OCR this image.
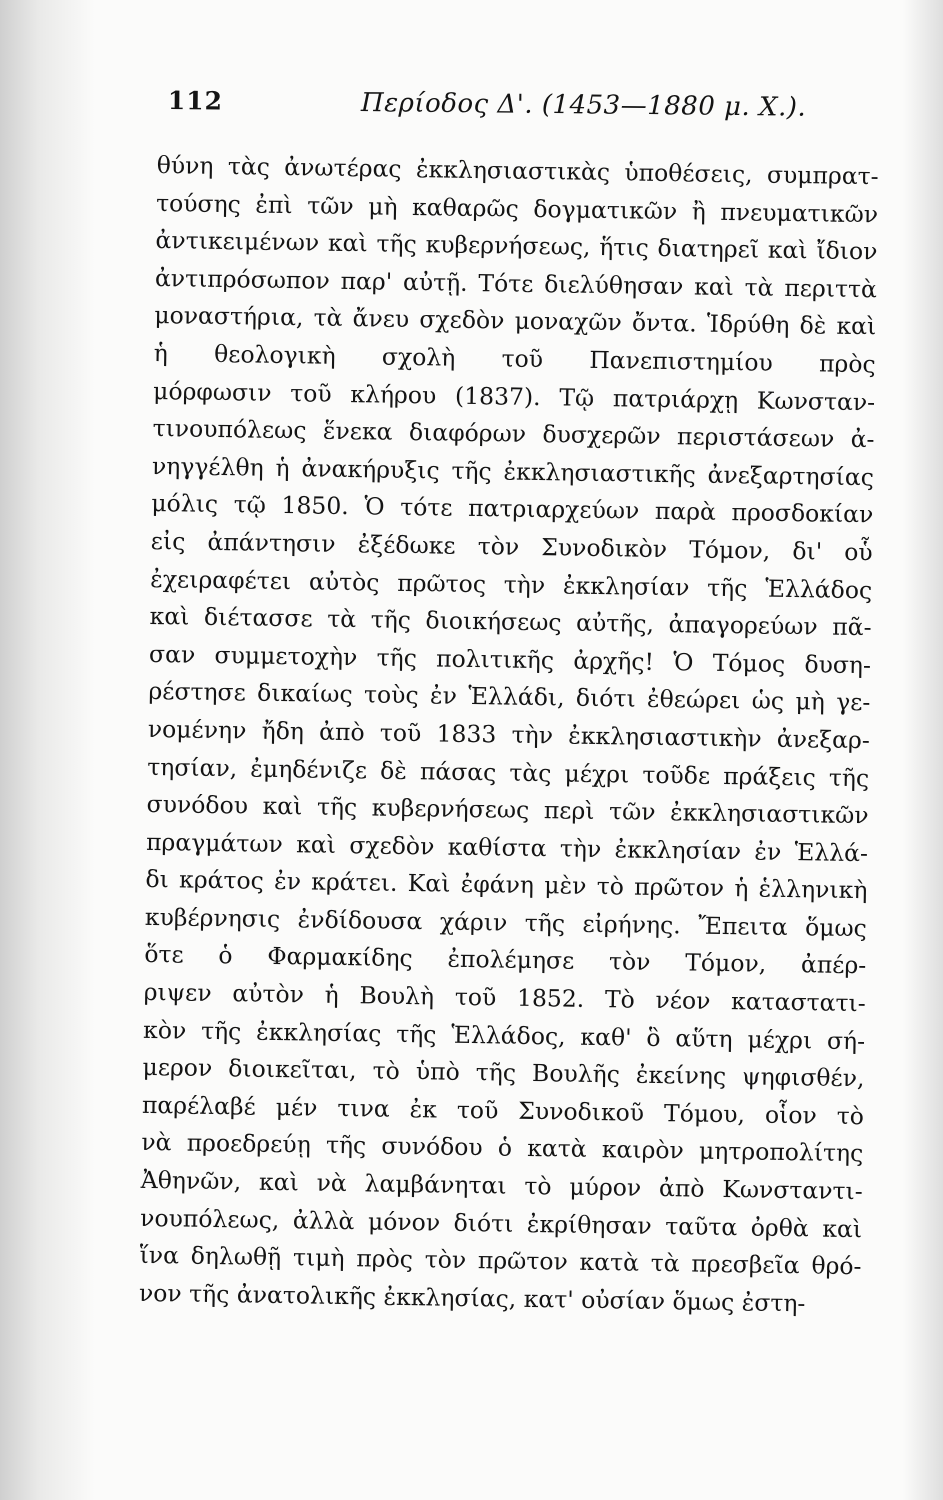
112	Περίοδος Δ'. (1453—1880 μ. Χ.).
θύνη τὰς ἀνωτέρας ἐκκλησιαστικὰς ὑποθέσεις, συμπρατ-
τούσης ἐπὶ τῶν μὴ καθαρῶς δογματικῶν ἢ πνευματικῶν
ἀντικειμένων καὶ τῆς κυβερνήσεως, ἥτις διατηρεῖ καὶ ἴδιον
ἀντιπρόσωπον παρ' αὐτῇ. Τότε διελύθησαν καὶ τὰ περιττὰ
μοναστήρια, τὰ ἄνευ σχεδὸν μοναχῶν ὄντα. Ἱδρύθη δὲ καὶ
ἡ θεολογικὴ σχολὴ τοῦ Πανεπιστημίου πρὸς
μόρφωσιν τοῦ κλήρου (1837). Τῷ πατριάρχῃ Κωνσταν-
τινουπόλεως ἕνεκα διαφόρων δυσχερῶν περιστάσεων ἀ-
νηγγέλθη ἡ ἀνακήρυξις τῆς ἐκκλησιαστικῆς ἀνεξαρτησίας
μόλις τῷ 1850. Ὁ τότε πατριαρχεύων παρὰ προσδοκίαν
εἰς ἀπάντησιν ἐξέδωκε τὸν Συνοδικὸν Τόμον, δι' οὗ
ἐχειραφέτει αὐτὸς πρῶτος τὴν ἐκκλησίαν τῆς Ἑλλάδος
καὶ διέτασσε τὰ τῆς διοικήσεως αὐτῆς, ἀπαγορεύων πᾶ-
σαν συμμετοχὴν τῆς πολιτικῆς ἀρχῆς! Ὁ Τόμος δυση-
ρέστησε δικαίως τοὺς ἐν Ἑλλάδι, διότι ἐθεώρει ὡς μὴ γε-
νομένην ἤδη ἀπὸ τοῦ 1833 τὴν ἐκκλησιαστικὴν ἀνεξαρ-
τησίαν, ἐμηδένιζε δὲ πάσας τὰς μέχρι τοῦδε πράξεις τῆς
συνόδου καὶ τῆς κυβερνήσεως περὶ τῶν ἐκκλησιαστικῶν
πραγμάτων καὶ σχεδὸν καθίστα τὴν ἐκκλησίαν ἐν Ἑλλά-
δι κράτος ἐν κράτει. Καὶ ἐφάνη μὲν τὸ πρῶτον ἡ ἑλληνικὴ
κυβέρνησις ἐνδίδουσα χάριν τῆς εἰρήνης. Ἔπειτα ὅμως
ὅτε ὁ Φαρμακίδης ἐπολέμησε τὸν Τόμον, ἀπέρ-
ριψεν αὐτὸν ἡ Βουλὴ τοῦ 1852. Τὸ νέον καταστατι-
κὸν τῆς ἐκκλησίας τῆς Ἑλλάδος, καθ' ὃ αὕτη μέχρι σή-
μερον διοικεῖται, τὸ ὑπὸ τῆς Βουλῆς ἐκείνης ψηφισθέν,
παρέλαβέ μέν τινα ἐκ τοῦ Συνοδικοῦ Τόμου, οἷον τὸ
νὰ προεδρεύῃ τῆς συνόδου ὁ κατὰ καιρὸν μητροπολίτης
Ἀθηνῶν, καὶ νὰ λαμβάνηται τὸ μύρον ἀπὸ Κωνσταντι-
νουπόλεως, ἀλλὰ μόνον διότι ἐκρίθησαν ταῦτα ὀρθὰ καὶ
ἵνα δηλωθῇ τιμὴ πρὸς τὸν πρῶτον κατὰ τὰ πρεσβεῖα θρό-
νον τῆς ἀνατολικῆς ἐκκλησίας, κατ' οὐσίαν ὅμως ἐστη-
